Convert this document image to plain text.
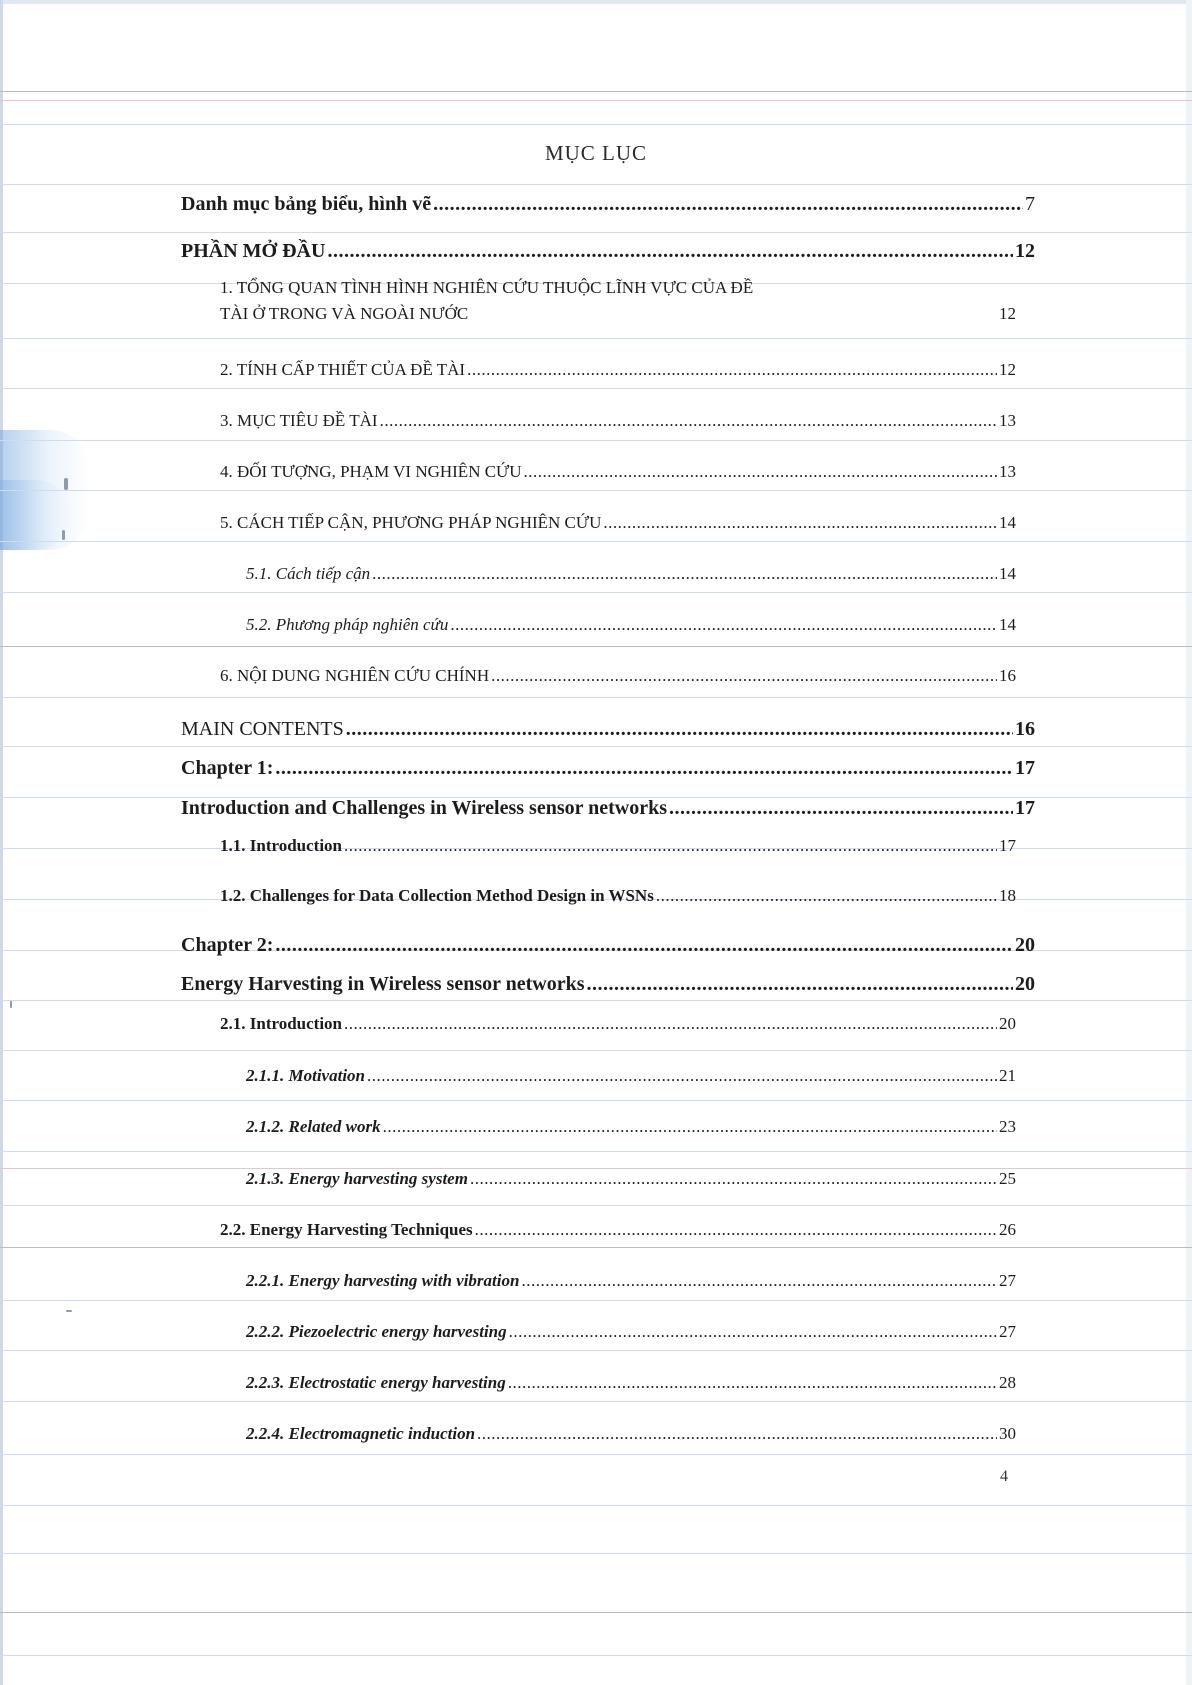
MỤC LỤC
Danh mục bảng biểu, hình vẽ .....	7
PHẦN MỞ ĐẦU .....	12
1. TỔNG QUAN TÌNH HÌNH NGHIÊN CỨU THUỘC LĨNH VỰC CỦA ĐỀ
TÀI Ở TRONG VÀ NGOÀI NƯỚC	12
2. TÍNH CẤP THIẾT CỦA ĐỀ TÀI .....	12
3. MỤC TIÊU ĐỀ TÀI .....	13
4. ĐỐI TƯỢNG, PHẠM VI NGHIÊN CỨU .....	13
5. CÁCH TIẾP CẬN, PHƯƠNG PHÁP NGHIÊN CỨU .....	14
5.1. Cách tiếp cận .....	14
5.2. Phương pháp nghiên cứu .....	14
6. NỘI DUNG NGHIÊN CỨU CHÍNH .....	16
MAIN CONTENTS .....	16
Chapter 1: .....	17
Introduction and Challenges in Wireless sensor networks .....	17
1.1. Introduction .....	17
1.2. Challenges for Data Collection Method Design in WSNs .....	18
Chapter 2: .....	20
Energy Harvesting in Wireless sensor networks .....	20
2.1. Introduction .....	20
2.1.1. Motivation .....	21
2.1.2. Related work .....	23
2.1.3. Energy harvesting system .....	25
2.2. Energy Harvesting Techniques .....	26
2.2.1. Energy harvesting with vibration .....	27
2.2.2. Piezoelectric energy harvesting .....	27
2.2.3. Electrostatic energy harvesting .....	28
2.2.4. Electromagnetic induction .....	30
4
